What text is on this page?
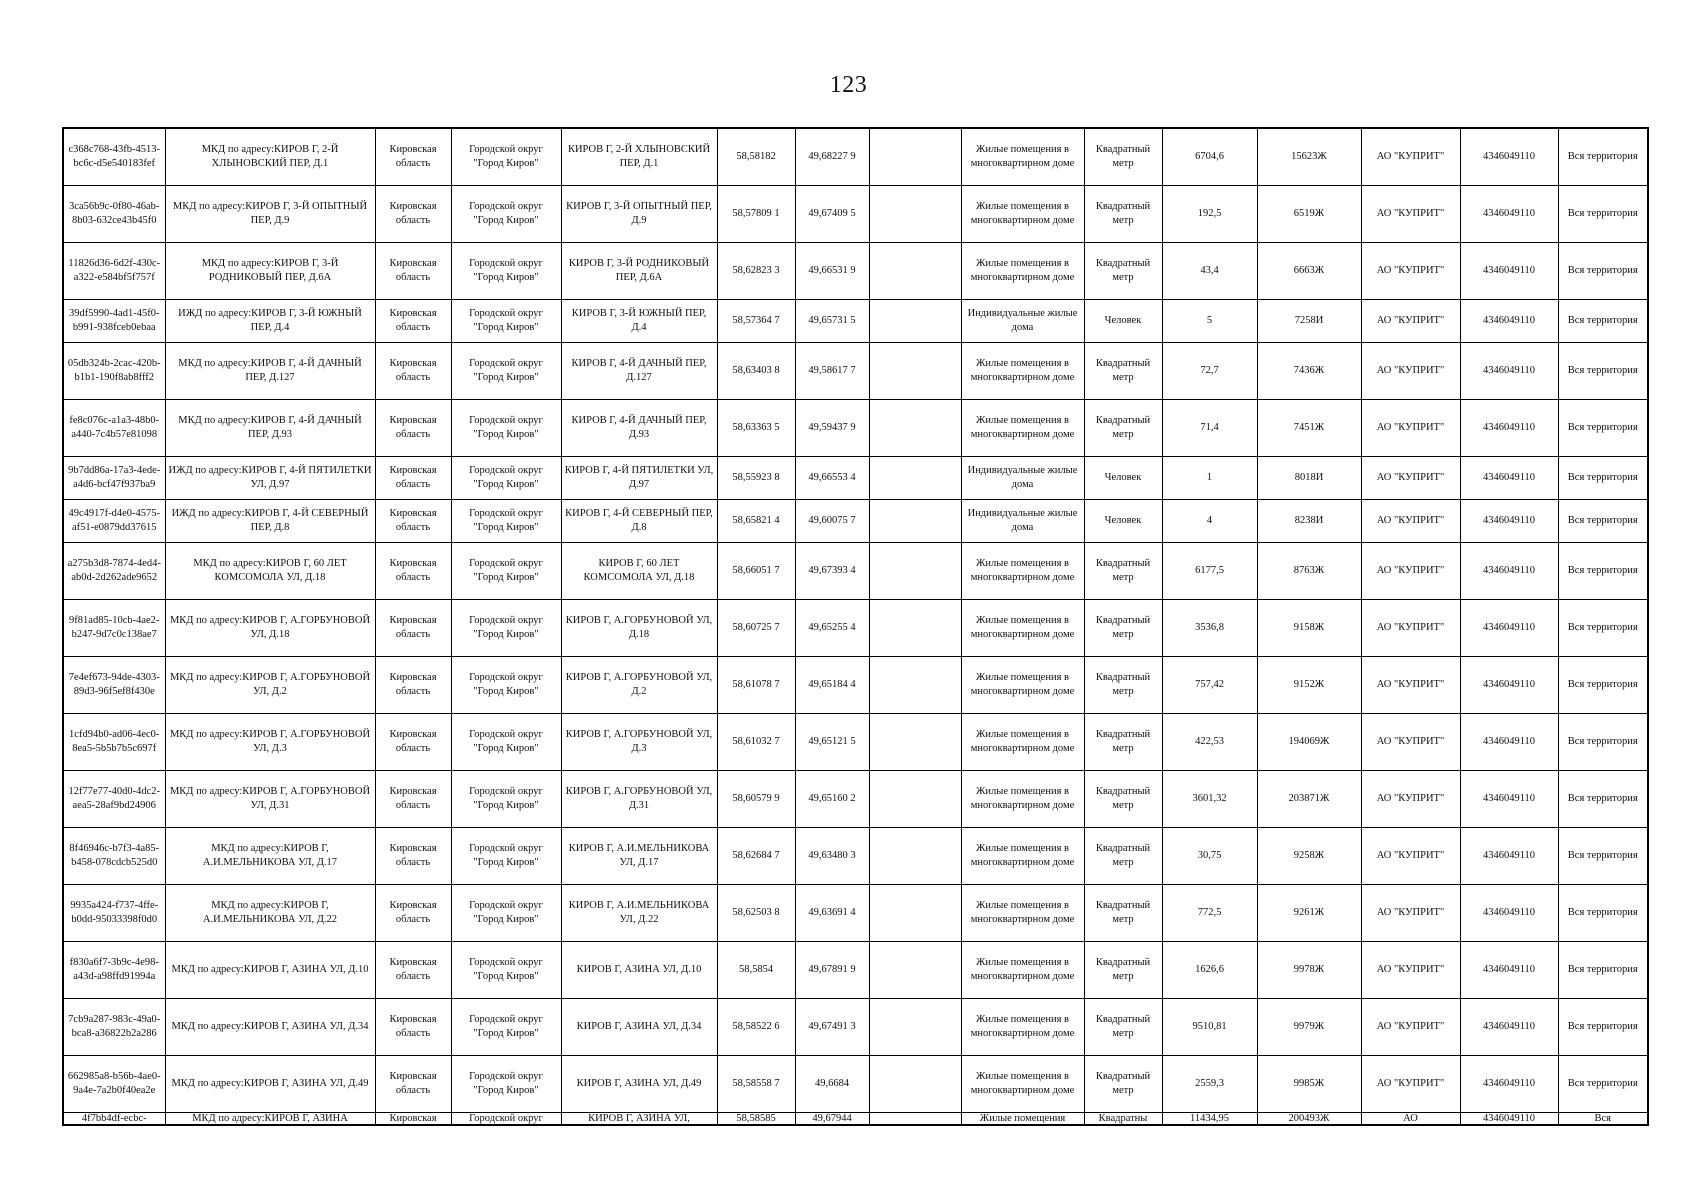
123
c368c768-43fb-4513-bc6c-d5e540183fef	МКД по адресу:КИРОВ Г, 2-Й ХЛЫНОВСКИЙ ПЕР, Д.1	Кировская область	Городской округ "Город Киров"	КИРОВ Г, 2-Й ХЛЫНОВСКИЙ ПЕР, Д.1	58,58182	49,68227 9		Жилые помещения в многоквартирном доме	Квадратный метр	6704,6	15623Ж	АО "КУПРИТ"	4346049110	Вся территория
3ca56b9c-0f80-46ab-8b03-632ce43b45f0	МКД по адресу:КИРОВ Г, 3-Й ОПЫТНЫЙ ПЕР, Д.9	Кировская область	Городской округ "Город Киров"	КИРОВ Г, 3-Й ОПЫТНЫЙ ПЕР, Д.9	58,57809 1	49,67409 5		Жилые помещения в многоквартирном доме	Квадратный метр	192,5	6519Ж	АО "КУПРИТ"	4346049110	Вся территория
11826d36-6d2f-430c-a322-e584bf5f757f	МКД по адресу:КИРОВ Г, 3-Й РОДНИКОВЫЙ ПЕР, Д.6А	Кировская область	Городской округ "Город Киров"	КИРОВ Г, 3-Й РОДНИКОВЫЙ ПЕР, Д.6А	58,62823 3	49,66531 9		Жилые помещения в многоквартирном доме	Квадратный метр	43,4	6663Ж	АО "КУПРИТ"	4346049110	Вся территория
39df5990-4ad1-45f0-b991-938fceb0ebaa	ИЖД по адресу:КИРОВ Г, 3-Й ЮЖНЫЙ ПЕР, Д.4	Кировская область	Городской округ "Город Киров"	КИРОВ Г, 3-Й ЮЖНЫЙ ПЕР, Д.4	58,57364 7	49,65731 5		Индивидуальные жилые дома	Человек	5	7258И	АО "КУПРИТ"	4346049110	Вся территория
05db324b-2cac-420b-b1b1-190f8ab8fff2	МКД по адресу:КИРОВ Г, 4-Й ДАЧНЫЙ ПЕР, Д.127	Кировская область	Городской округ "Город Киров"	КИРОВ Г, 4-Й ДАЧНЫЙ ПЕР, Д.127	58,63403 8	49,58617 7		Жилые помещения в многоквартирном доме	Квадратный метр	72,7	7436Ж	АО "КУПРИТ"	4346049110	Вся территория
fe8c076c-a1a3-48b0-a440-7c4b57e81098	МКД по адресу:КИРОВ Г, 4-Й ДАЧНЫЙ ПЕР, Д.93	Кировская область	Городской округ "Город Киров"	КИРОВ Г, 4-Й ДАЧНЫЙ ПЕР, Д.93	58,63363 5	49,59437 9		Жилые помещения в многоквартирном доме	Квадратный метр	71,4	7451Ж	АО "КУПРИТ"	4346049110	Вся территория
9b7dd86a-17a3-4ede-a4d6-bcf47f937ba9	ИЖД по адресу:КИРОВ Г, 4-Й ПЯТИЛЕТКИ УЛ, Д.97	Кировская область	Городской округ "Город Киров"	КИРОВ Г, 4-Й ПЯТИЛЕТКИ УЛ, Д.97	58,55923 8	49,66553 4		Индивидуальные жилые дома	Человек	1	8018И	АО "КУПРИТ"	4346049110	Вся территория
49c4917f-d4e0-4575-af51-e0879dd37615	ИЖД по адресу:КИРОВ Г, 4-Й СЕВЕРНЫЙ ПЕР, Д.8	Кировская область	Городской округ "Город Киров"	КИРОВ Г, 4-Й СЕВЕРНЫЙ ПЕР, Д.8	58,65821 4	49,60075 7		Индивидуальные жилые дома	Человек	4	8238И	АО "КУПРИТ"	4346049110	Вся территория
a275b3d8-7874-4ed4-ab0d-2d262ade9652	МКД по адресу:КИРОВ Г, 60 ЛЕТ КОМСОМОЛА УЛ, Д.18	Кировская область	Городской округ "Город Киров"	КИРОВ Г, 60 ЛЕТ КОМСОМОЛА УЛ, Д.18	58,66051 7	49,67393 4		Жилые помещения в многоквартирном доме	Квадратный метр	6177,5	8763Ж	АО "КУПРИТ"	4346049110	Вся территория
9f81ad85-10cb-4ae2-b247-9d7c0c138ae7	МКД по адресу:КИРОВ Г, А.ГОРБУНОВОЙ УЛ, Д.18	Кировская область	Городской округ "Город Киров"	КИРОВ Г, А.ГОРБУНОВОЙ УЛ, Д.18	58,60725 7	49,65255 4		Жилые помещения в многоквартирном доме	Квадратный метр	3536,8	9158Ж	АО "КУПРИТ"	4346049110	Вся территория
7e4ef673-94de-4303-89d3-96f5ef8f430e	МКД по адресу:КИРОВ Г, А.ГОРБУНОВОЙ УЛ, Д.2	Кировская область	Городской округ "Город Киров"	КИРОВ Г, А.ГОРБУНОВОЙ УЛ, Д.2	58,61078 7	49,65184 4		Жилые помещения в многоквартирном доме	Квадратный метр	757,42	9152Ж	АО "КУПРИТ"	4346049110	Вся территория
1cfd94b0-ad06-4ec0-8ea5-5b5b7b5c697f	МКД по адресу:КИРОВ Г, А.ГОРБУНОВОЙ УЛ, Д.3	Кировская область	Городской округ "Город Киров"	КИРОВ Г, А.ГОРБУНОВОЙ УЛ, Д.3	58,61032 7	49,65121 5		Жилые помещения в многоквартирном доме	Квадратный метр	422,53	194069Ж	АО "КУПРИТ"	4346049110	Вся территория
12f77e77-40d0-4dc2-aea5-28af9bd24906	МКД по адресу:КИРОВ Г, А.ГОРБУНОВОЙ УЛ, Д.31	Кировская область	Городской округ "Город Киров"	КИРОВ Г, А.ГОРБУНОВОЙ УЛ, Д.31	58,60579 9	49,65160 2		Жилые помещения в многоквартирном доме	Квадратный метр	3601,32	203871Ж	АО "КУПРИТ"	4346049110	Вся территория
8f46946c-b7f3-4a85-b458-078cdcb525d0	МКД по адресу:КИРОВ Г, А.И.МЕЛЬНИКОВА УЛ, Д.17	Кировская область	Городской округ "Город Киров"	КИРОВ Г, А.И.МЕЛЬНИКОВА УЛ, Д.17	58,62684 7	49,63480 3		Жилые помещения в многоквартирном доме	Квадратный метр	30,75	9258Ж	АО "КУПРИТ"	4346049110	Вся территория
9935a424-f737-4ffe-b0dd-95033398f0d0	МКД по адресу:КИРОВ Г, А.И.МЕЛЬНИКОВА УЛ, Д.22	Кировская область	Городской округ "Город Киров"	КИРОВ Г, А.И.МЕЛЬНИКОВА УЛ, Д.22	58,62503 8	49,63691 4		Жилые помещения в многоквартирном доме	Квадратный метр	772,5	9261Ж	АО "КУПРИТ"	4346049110	Вся территория
f830a6f7-3b9c-4e98-a43d-a98ffd91994a	МКД по адресу:КИРОВ Г, АЗИНА УЛ, Д.10	Кировская область	Городской округ "Город Киров"	КИРОВ Г, АЗИНА УЛ, Д.10	58,5854	49,67891 9		Жилые помещения в многоквартирном доме	Квадратный метр	1626,6	9978Ж	АО "КУПРИТ"	4346049110	Вся территория
7cb9a287-983c-49a0-bca8-a36822b2a286	МКД по адресу:КИРОВ Г, АЗИНА УЛ, Д.34	Кировская область	Городской округ "Город Киров"	КИРОВ Г, АЗИНА УЛ, Д.34	58,58522 6	49,67491 3		Жилые помещения в многоквартирном доме	Квадратный метр	9510,81	9979Ж	АО "КУПРИТ"	4346049110	Вся территория
662985a8-b56b-4ae0-9a4e-7a2b0f40ea2e	МКД по адресу:КИРОВ Г, АЗИНА УЛ, Д.49	Кировская область	Городской округ "Город Киров"	КИРОВ Г, АЗИНА УЛ, Д.49	58,58558 7	49,6684		Жилые помещения в многоквартирном доме	Квадратный метр	2559,3	9985Ж	АО "КУПРИТ"	4346049110	Вся территория
4f7bb4df-ecbc-	МКД по адресу:КИРОВ Г, АЗИНА	Кировская	Городской округ	КИРОВ Г, АЗИНА УЛ,	58,58585	49,67944		Жилые помещения	Квадратны	11434,95	200493Ж	АО	4346049110	Вся
